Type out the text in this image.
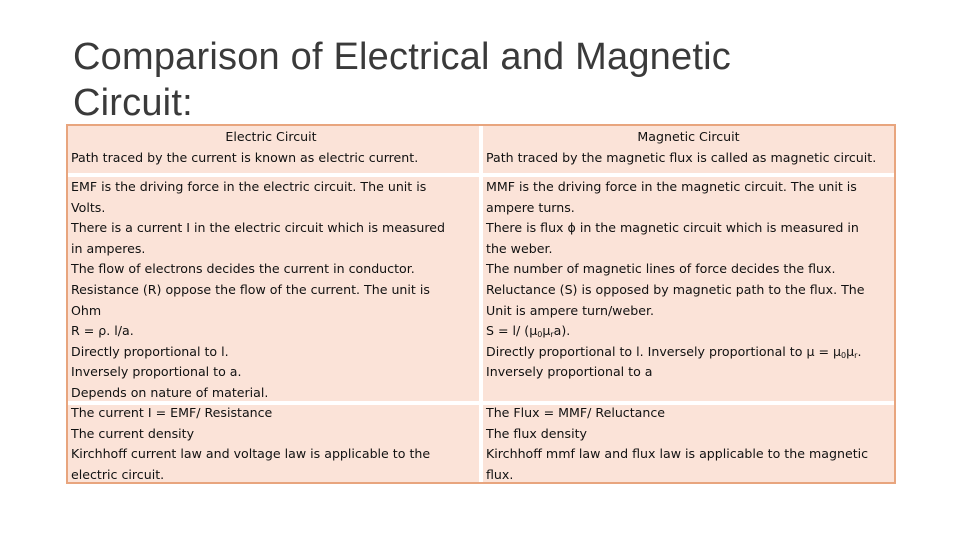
Comparison of Electrical and Magnetic
Circuit:
Electric Circuit
Path traced by the current is known as electric current.
Magnetic Circuit
Path traced by the magnetic flux is called as magnetic circuit.
EMF is the driving force in the electric circuit. The unit is
Volts.
There is a current I in the electric circuit which is measured
in amperes.
The flow of electrons decides the current in conductor.
Resistance (R) oppose the flow of the current. The unit is
Ohm
R = ρ. l/a.
Directly proportional to l.
Inversely proportional to a.
Depends on nature of material.
MMF is the driving force in the magnetic circuit. The unit is
ampere turns.
There is flux ϕ in the magnetic circuit which is measured in
the weber.
The number of magnetic lines of force decides the flux.
Reluctance (S) is opposed by magnetic path to the flux. The
Unit is ampere turn/weber.
S = l/ $(\mu_0\mu_ra)$.
Directly proportional to l. Inversely proportional to $\mu = \mu_0\mu_r$.
Inversely proportional to a
The current I = EMF/ Resistance
The current density
Kirchhoff current law and voltage law is applicable to the
electric circuit.
The Flux = MMF/ Reluctance
The flux density
Kirchhoff mmf law and flux law is applicable to the magnetic
flux.
